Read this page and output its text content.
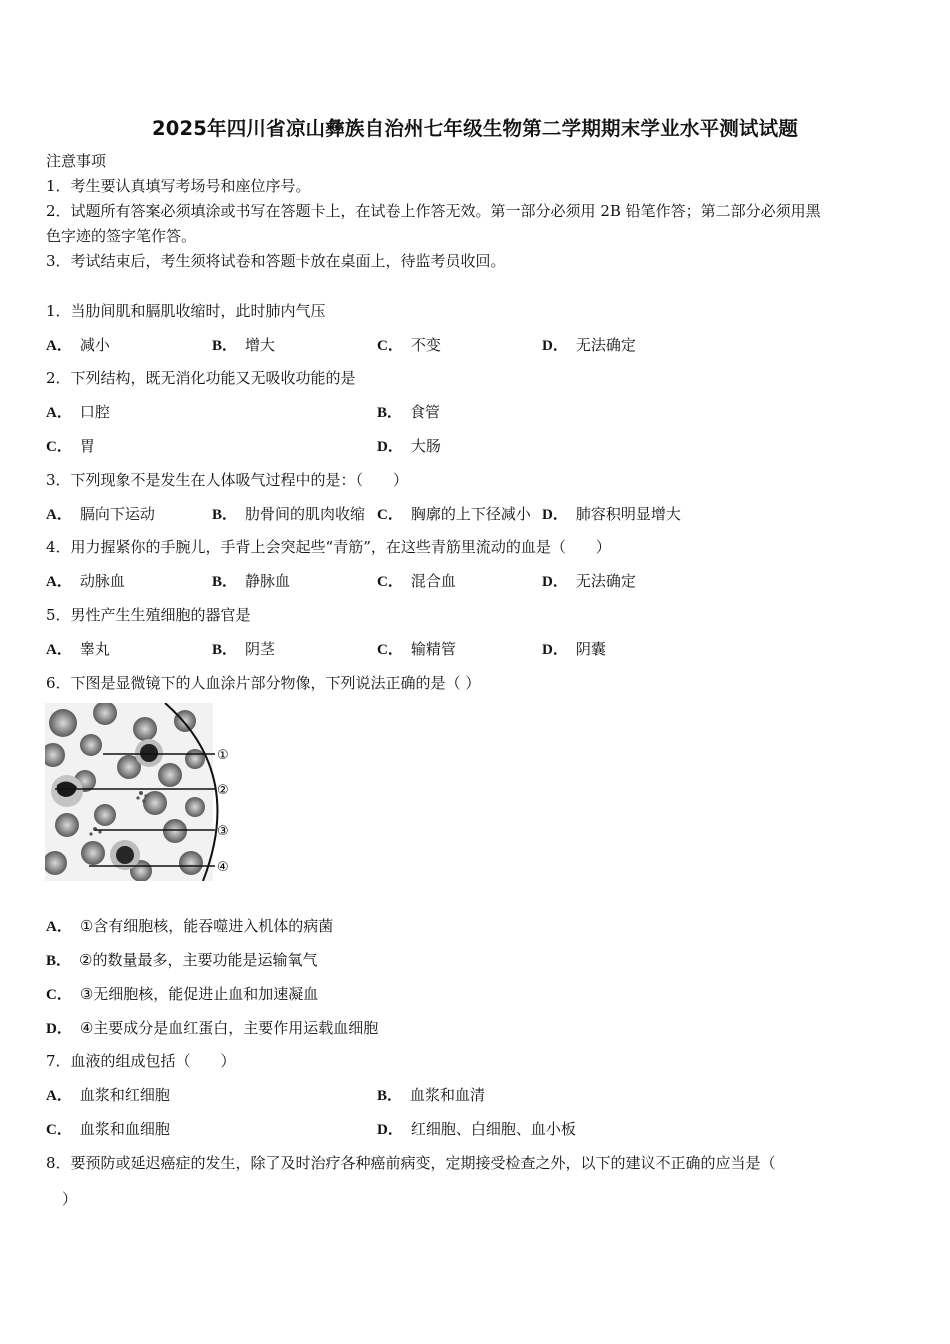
2025年四川省凉山彝族自治州七年级生物第二学期期末学业水平测试试题
注意事项
1．考生要认真填写考场号和座位序号。
2．试题所有答案必须填涂或书写在答题卡上，在试卷上作答无效。第一部分必须用 2B 铅笔作答；第二部分必须用黑
色字迹的签字笔作答。
3．考试结束后，考生须将试卷和答题卡放在桌面上，待监考员收回。
1．当肋间肌和膈肌收缩时，此时肺内气压
A． 减小	B． 增大	C． 不变	D． 无法确定
2．下列结构，既无消化功能又无吸收功能的是
A． 口腔	B． 食管
C． 胃	D． 大肠
3．下列现象不是发生在人体吸气过程中的是：（　　）
A． 膈向下运动	B． 肋骨间的肌肉收缩 C． 胸廓的上下径减小 D． 肺容积明显增大
4．用力握紧你的手腕儿，手背上会突起些“青筋”，在这些青筋里流动的血是（　　）
A． 动脉血	B． 静脉血	C． 混合血	D． 无法确定
5．男性产生生殖细胞的器官是
A． 睾丸	B． 阴茎	C． 输精管	D． 阴囊
6．下图是显微镜下的人血涂片部分物像，下列说法正确的是（ ）
①
②
③
④
A． ①含有细胞核，能吞噬进入机体的病菌
B． ②的数量最多，主要功能是运输氧气
C． ③无细胞核，能促进止血和加速凝血
D． ④主要成分是血红蛋白，主要作用运载血细胞
7．血液的组成包括（　　）
A． 血浆和红细胞	B． 血浆和血清
C． 血浆和血细胞	D． 红细胞、白细胞、血小板
8．要预防或延迟癌症的发生，除了及时治疗各种癌前病变，定期接受检查之外，以下的建议不正确的应当是（
）
